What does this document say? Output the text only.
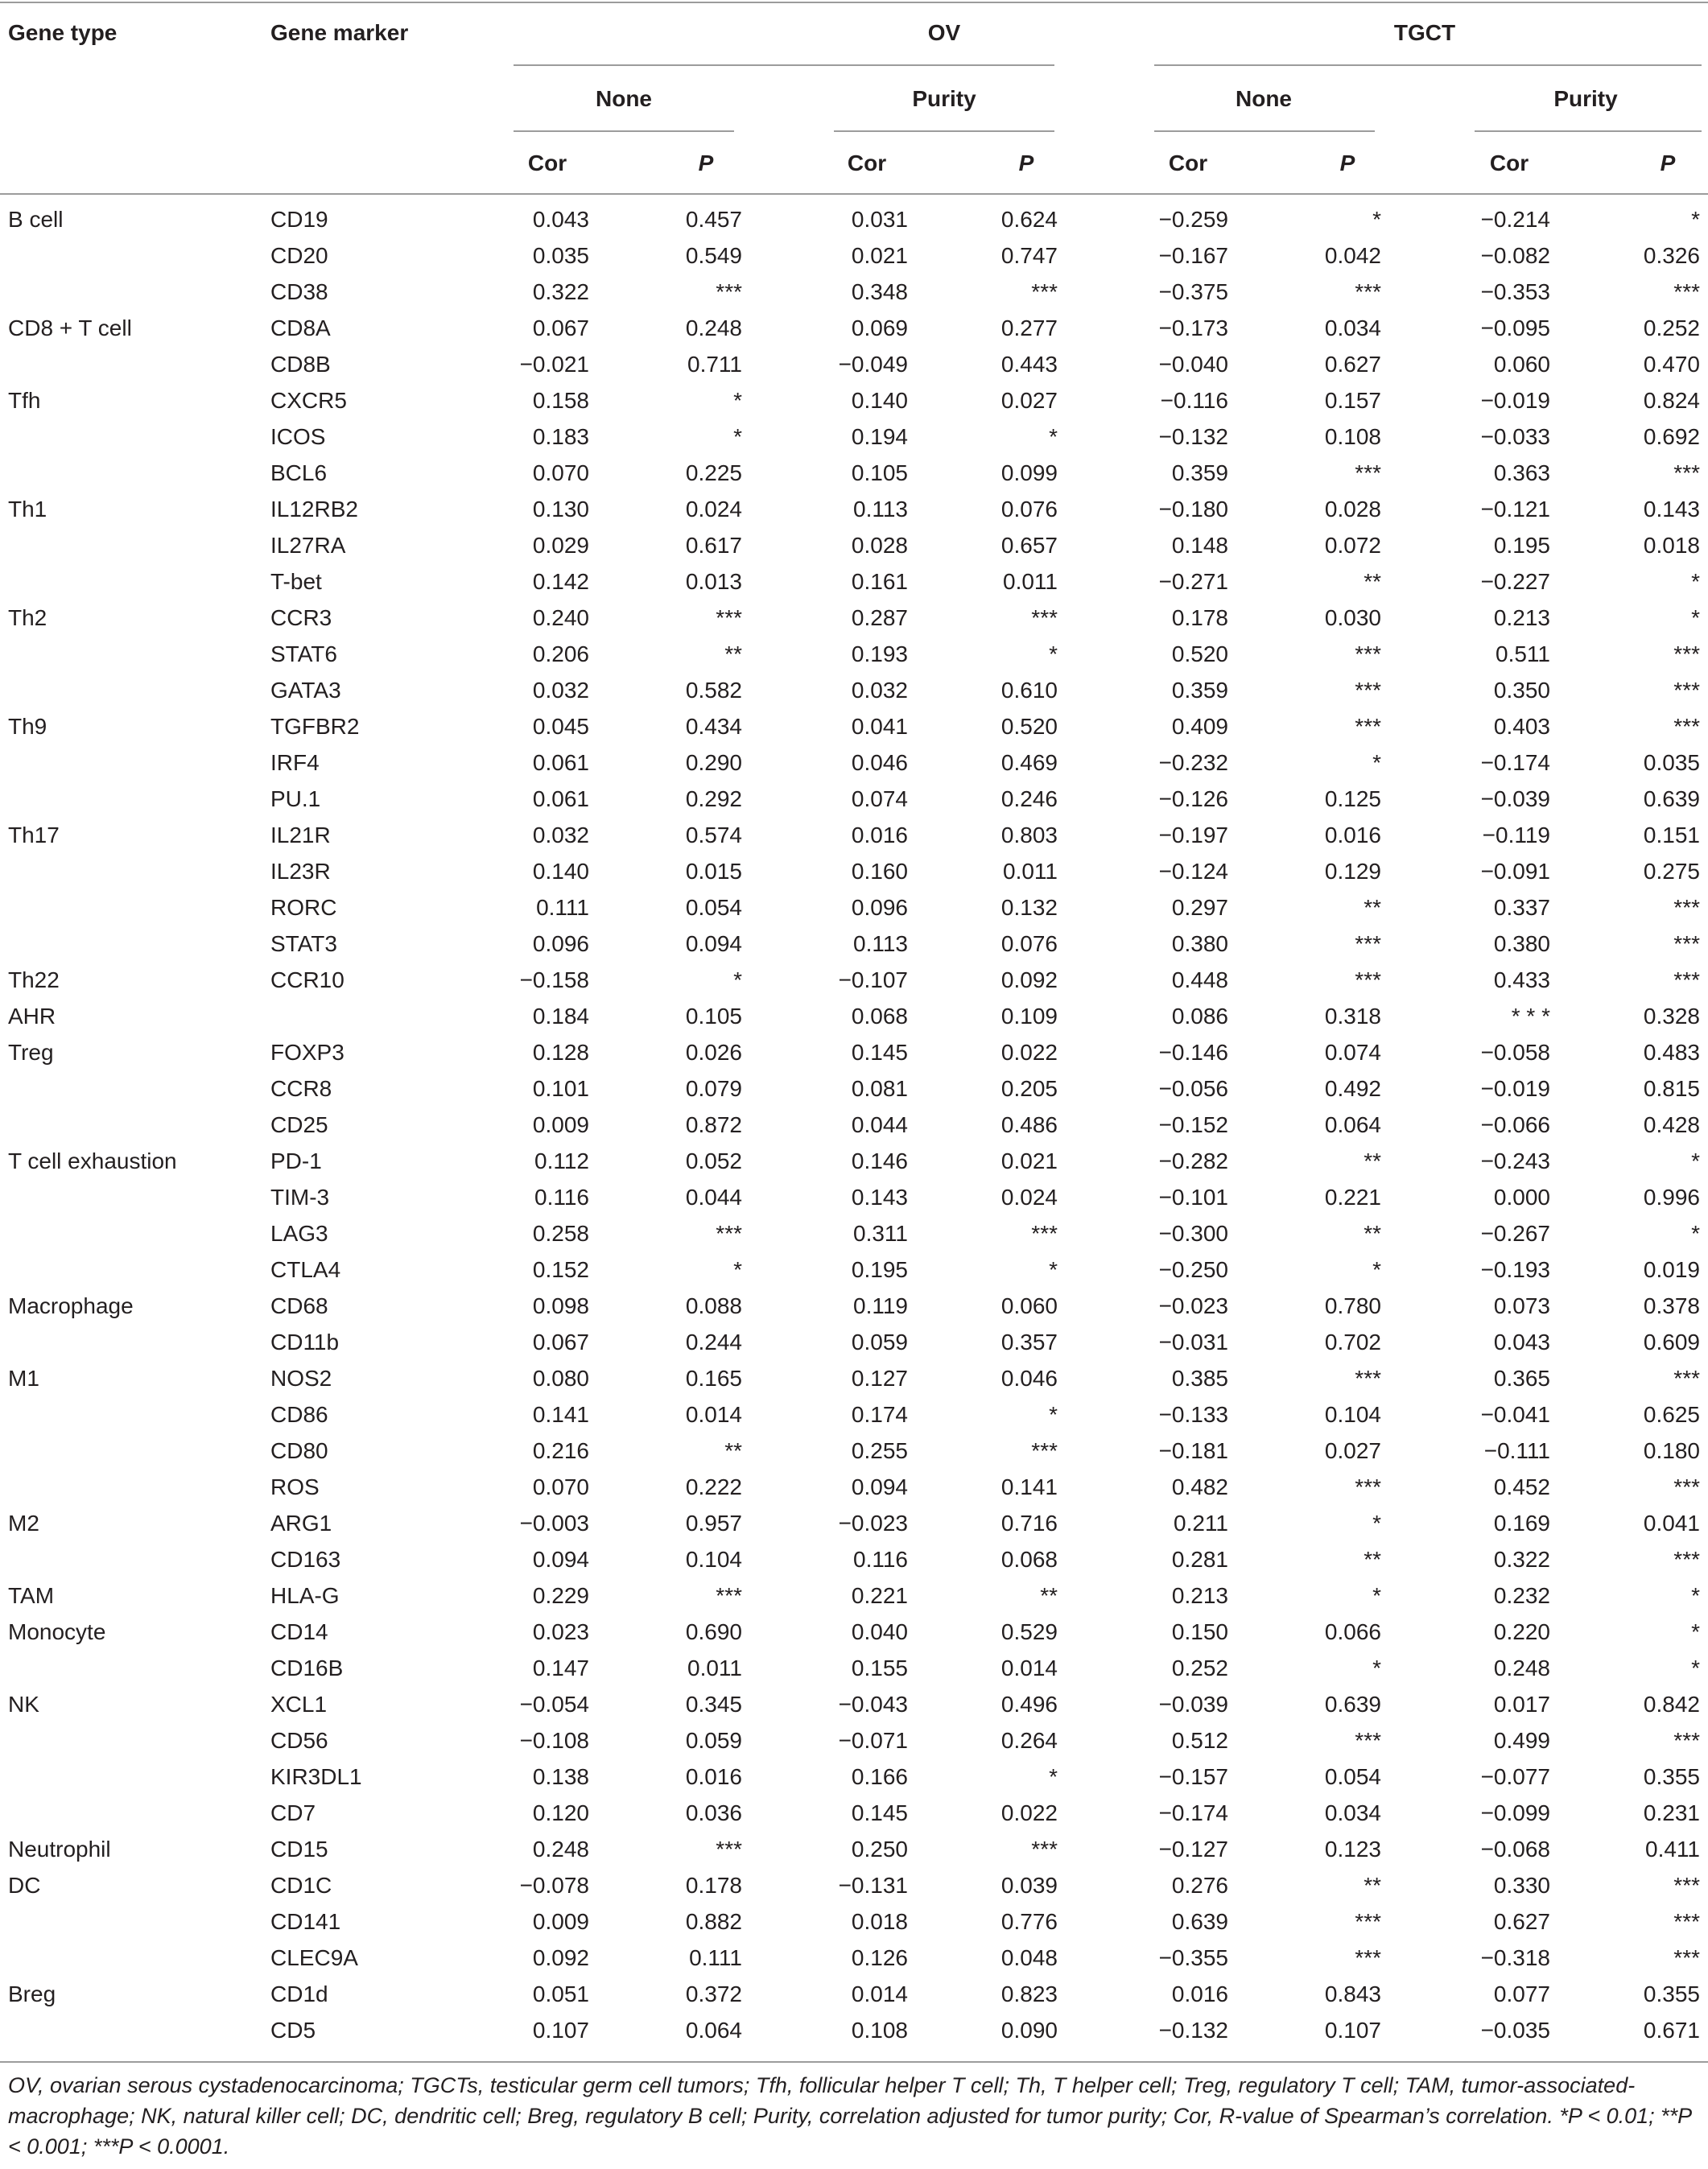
Gene type	Gene marker	OV	TGCT
None	Purity	None	Purity
Cor	P	Cor	P	Cor	P	Cor	P
B cell	CD19	0.043	0.457	0.031	0.624	−0.259	*	−0.214	*	
	CD20	0.035	0.549	0.021	0.747	−0.167	0.042	−0.082	0.326	
	CD38	0.322	***	0.348	***	−0.375	***	−0.353	***	
CD8 + T cell	CD8A	0.067	0.248	0.069	0.277	−0.173	0.034	−0.095	0.252	
	CD8B	−0.021	0.711	−0.049	0.443	−0.040	0.627	0.060	0.470	
Tfh	CXCR5	0.158	*	0.140	0.027	−0.116	0.157	−0.019	0.824	
	ICOS	0.183	*	0.194	*	−0.132	0.108	−0.033	0.692	
	BCL6	0.070	0.225	0.105	0.099	0.359	***	0.363	***	
Th1	IL12RB2	0.130	0.024	0.113	0.076	−0.180	0.028	−0.121	0.143	
	IL27RA	0.029	0.617	0.028	0.657	0.148	0.072	0.195	0.018	
	T-bet	0.142	0.013	0.161	0.011	−0.271	**	−0.227	*	
Th2	CCR3	0.240	***	0.287	***	0.178	0.030	0.213	*	
	STAT6	0.206	**	0.193	*	0.520	***	0.511	***	
	GATA3	0.032	0.582	0.032	0.610	0.359	***	0.350	***	
Th9	TGFBR2	0.045	0.434	0.041	0.520	0.409	***	0.403	***	
	IRF4	0.061	0.290	0.046	0.469	−0.232	*	−0.174	0.035	
	PU.1	0.061	0.292	0.074	0.246	−0.126	0.125	−0.039	0.639	
Th17	IL21R	0.032	0.574	0.016	0.803	−0.197	0.016	−0.119	0.151	
	IL23R	0.140	0.015	0.160	0.011	−0.124	0.129	−0.091	0.275	
	RORC	0.111	0.054	0.096	0.132	0.297	**	0.337	***	
	STAT3	0.096	0.094	0.113	0.076	0.380	***	0.380	***	
Th22	CCR10	−0.158	*	−0.107	0.092	0.448	***	0.433	***	
AHR		0.184	0.105	0.068	0.109	0.086	0.318	* * *	0.328	
Treg	FOXP3	0.128	0.026	0.145	0.022	−0.146	0.074	−0.058	0.483	
	CCR8	0.101	0.079	0.081	0.205	−0.056	0.492	−0.019	0.815	
	CD25	0.009	0.872	0.044	0.486	−0.152	0.064	−0.066	0.428	
T cell exhaustion	PD-1	0.112	0.052	0.146	0.021	−0.282	**	−0.243	*	
	TIM-3	0.116	0.044	0.143	0.024	−0.101	0.221	0.000	0.996	
	LAG3	0.258	***	0.311	***	−0.300	**	−0.267	*	
	CTLA4	0.152	*	0.195	*	−0.250	*	−0.193	0.019	
Macrophage	CD68	0.098	0.088	0.119	0.060	−0.023	0.780	0.073	0.378	
	CD11b	0.067	0.244	0.059	0.357	−0.031	0.702	0.043	0.609	
M1	NOS2	0.080	0.165	0.127	0.046	0.385	***	0.365	***	
	CD86	0.141	0.014	0.174	*	−0.133	0.104	−0.041	0.625	
	CD80	0.216	**	0.255	***	−0.181	0.027	−0.111	0.180	
	ROS	0.070	0.222	0.094	0.141	0.482	***	0.452	***	
M2	ARG1	−0.003	0.957	−0.023	0.716	0.211	*	0.169	0.041	
	CD163	0.094	0.104	0.116	0.068	0.281	**	0.322	***	
TAM	HLA-G	0.229	***	0.221	**	0.213	*	0.232	*	
Monocyte	CD14	0.023	0.690	0.040	0.529	0.150	0.066	0.220	*	
	CD16B	0.147	0.011	0.155	0.014	0.252	*	0.248	*	
NK	XCL1	−0.054	0.345	−0.043	0.496	−0.039	0.639	0.017	0.842	
	CD56	−0.108	0.059	−0.071	0.264	0.512	***	0.499	***	
	KIR3DL1	0.138	0.016	0.166	*	−0.157	0.054	−0.077	0.355	
	CD7	0.120	0.036	0.145	0.022	−0.174	0.034	−0.099	0.231	
Neutrophil	CD15	0.248	***	0.250	***	−0.127	0.123	−0.068	0.411	
DC	CD1C	−0.078	0.178	−0.131	0.039	0.276	**	0.330	***	
	CD141	0.009	0.882	0.018	0.776	0.639	***	0.627	***	
	CLEC9A	0.092	0.111	0.126	0.048	−0.355	***	−0.318	***	
Breg	CD1d	0.051	0.372	0.014	0.823	0.016	0.843	0.077	0.355	
	CD5	0.107	0.064	0.108	0.090	−0.132	0.107	−0.035	0.671	
OV, ovarian serous cystadenocarcinoma; TGCTs, testicular germ cell tumors; Tfh, follicular helper T cell; Th, T helper cell; Treg, regulatory T cell; TAM, tumor-associated-macrophage; NK, natural killer cell; DC, dendritic cell; Breg, regulatory B cell; Purity, correlation adjusted for tumor purity; Cor, R-value of Spearman’s correlation. *P < 0.01; **P < 0.001; ***P < 0.0001.
